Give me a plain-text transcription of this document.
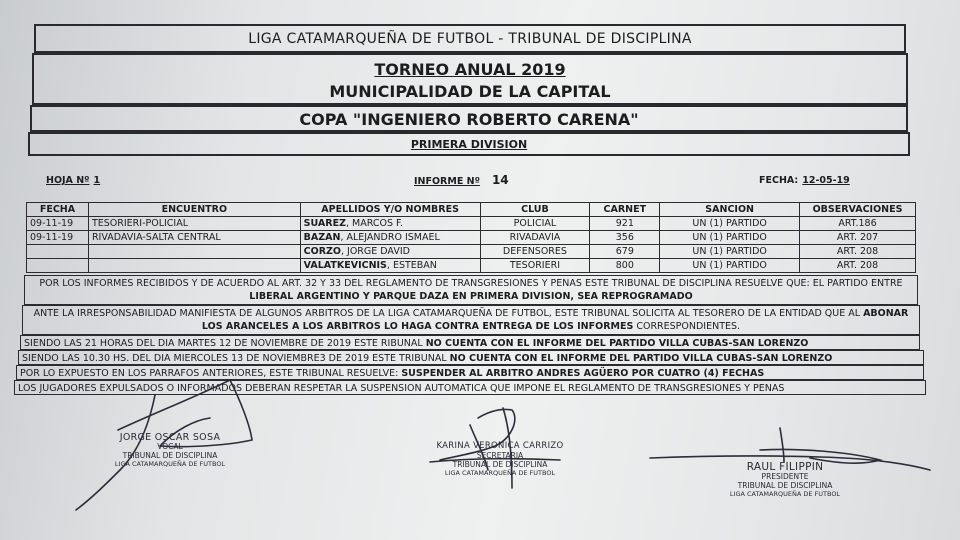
LIGA CATAMARQUEÑA DE FUTBOL - TRIBUNAL DE DISCIPLINA
TORNEO ANUAL 2019
MUNICIPALIDAD DE LA CAPITAL
COPA "INGENIERO ROBERTO CARENA"
PRIMERA DIVISION
HOJA Nº 1	INFORME Nº 14	FECHA: 12-05-19
FECHA	ENCUENTRO	APELLIDOS Y/O NOMBRES	CLUB	CARNET	SANCION	OBSERVACIONES
09-11-19	TESORIERI-POLICIAL	SUAREZ, MARCOS F.	POLICIAL	921	UN (1) PARTIDO	ART.186
09-11-19	RIVADAVIA-SALTA CENTRAL	BAZAN, ALEJANDRO ISMAEL	RIVADAVIA	356	UN (1) PARTIDO	ART. 207
		CORZO, JORGE DAVID	DEFENSORES	679	UN (1) PARTIDO	ART. 208
		VALATKEVICNIS, ESTEBAN	TESORIERI	800	UN (1) PARTIDO	ART. 208
POR LOS INFORMES RECIBIDOS Y DE ACUERDO AL ART. 32 Y 33 DEL REGLAMENTO DE TRANSGRESIONES Y PENAS ESTE TRIBUNAL DE DISCIPLINA RESUELVE QUE: EL PARTIDO ENTRE LIBERAL ARGENTINO Y PARQUE DAZA EN PRIMERA DIVISION, SEA REPROGRAMADO
ANTE LA IRRESPONSABILIDAD MANIFIESTA DE ALGUNOS ARBITROS DE LA LIGA CATAMARQUEÑA DE FUTBOL, ESTE TRIBUNAL SOLICITA AL TESORERO DE LA ENTIDAD QUE AL ABONAR LOS ARANCELES A LOS ARBITROS LO HAGA CONTRA ENTREGA DE LOS INFORMES CORRESPONDIENTES.
SIENDO LAS 21 HORAS DEL DIA MARTES 12 DE NOVIEMBRE DE 2019 ESTE RIBUNAL NO CUENTA CON EL INFORME DEL PARTIDO VILLA CUBAS-SAN LORENZO
SIENDO LAS 10.30 HS. DEL DIA MIERCOLES 13 DE NOVIEMBRE3 DE 2019 ESTE TRIBUNAL NO CUENTA CON EL INFORME DEL PARTIDO VILLA CUBAS-SAN LORENZO
POR LO EXPUESTO EN LOS PARRAFOS ANTERIORES, ESTE TRIBUNAL RESUELVE: SUSPENDER AL ARBITRO ANDRES AGÜERO POR CUATRO (4) FECHAS
LOS JUGADORES EXPULSADOS O INFORMADOS DEBERAN RESPETAR LA SUSPENSION AUTOMATICA QUE IMPONE EL REGLAMENTO DE TRANSGRESIONES Y PENAS
JORGE OSCAR SOSA
VOCAL
TRIBUNAL DE DISCIPLINA
LIGA CATAMARQUEÑA DE FUTBOL
KARINA VERONICA CARRIZO
SECRETARIA
TRIBUNAL DE DISCIPLINA
LIGA CATAMARQUEÑA DE FUTBOL	RAUL FILIPPIN
PRESIDENTE
TRIBUNAL DE DISCIPLINA
LIGA CATAMARQUEÑA DE FUTBOL
